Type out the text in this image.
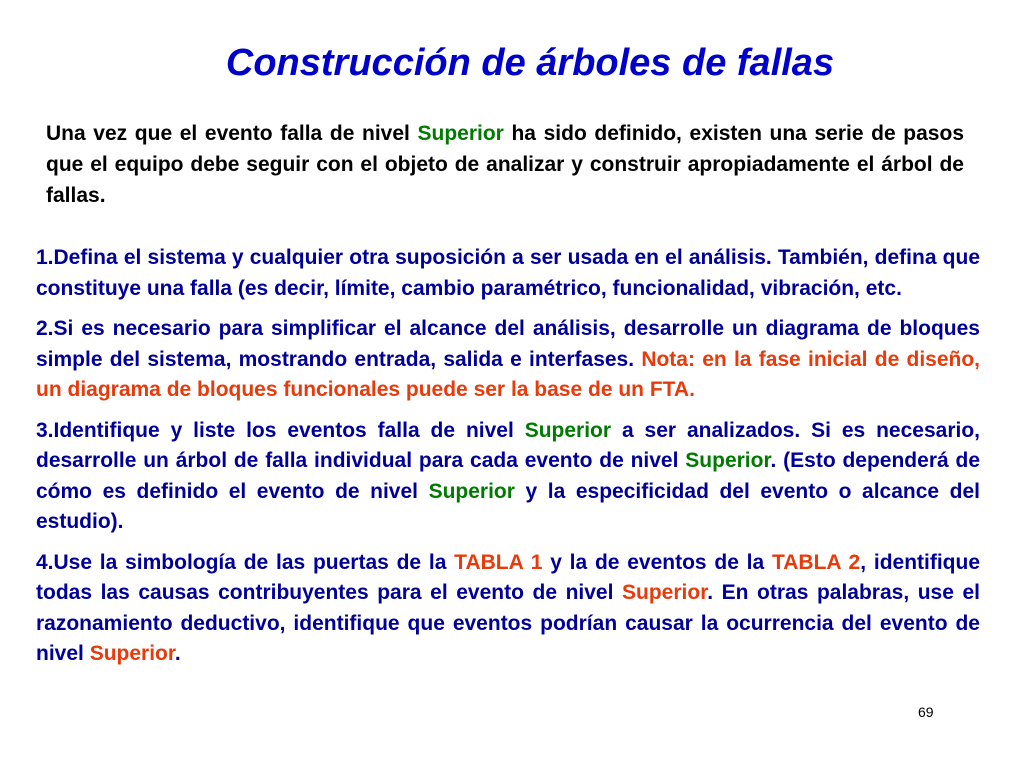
Construcción de árboles de fallas

Una vez que el evento falla de nivel Superior ha sido definido, existen una serie de pasos que el equipo debe seguir con el objeto de analizar y construir apropiadamente el árbol de fallas.

1.Defina el sistema y cualquier otra suposición a ser usada en el análisis. También, defina que constituye una falla (es decir, límite, cambio paramétrico, funcionalidad, vibración, etc.
2.Si es necesario para simplificar el alcance del análisis, desarrolle un diagrama de bloques simple del sistema, mostrando entrada, salida e interfases. Nota: en la fase inicial de diseño, un diagrama de bloques funcionales puede ser la base de un FTA.
3.Identifique y liste los eventos falla de nivel Superior a ser analizados. Si es necesario, desarrolle un árbol de falla individual para cada evento de nivel Superior. (Esto dependerá de cómo es definido el evento de nivel Superior y la especificidad del evento o alcance del estudio).
4.Use la simbología de las puertas de la TABLA 1 y la de eventos de la TABLA 2, identifique todas las causas contribuyentes para el evento de nivel Superior. En otras palabras, use el razonamiento deductivo, identifique que eventos podrían causar la ocurrencia del evento de nivel Superior.
69
